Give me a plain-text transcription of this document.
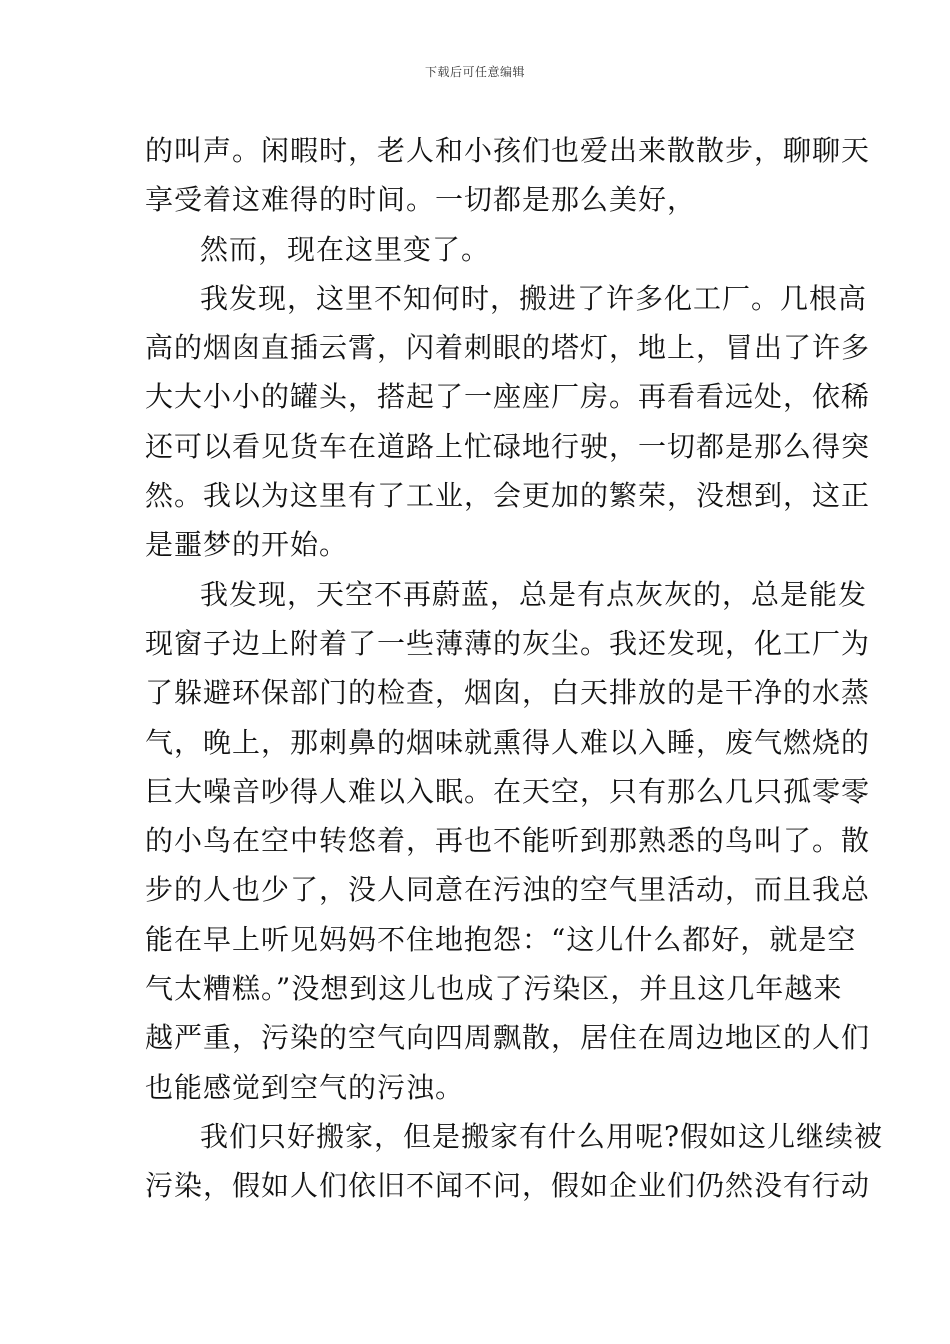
下载后可任意编辑
的叫声。闲暇时，老人和小孩们也爱出来散散步，聊聊天
享受着这难得的时间。一切都是那么美好，
然而，现在这里变了。
我发现，这里不知何时，搬进了许多化工厂。几根高
高的烟囱直插云霄，闪着刺眼的塔灯，地上，冒出了许多
大大小小的罐头，搭起了一座座厂房。再看看远处，依稀
还可以看见货车在道路上忙碌地行驶，一切都是那么得突
然。我以为这里有了工业，会更加的繁荣，没想到，这正
是噩梦的开始。
我发现，天空不再蔚蓝，总是有点灰灰的，总是能发
现窗子边上附着了一些薄薄的灰尘。我还发现，化工厂为
了躲避环保部门的检查，烟囱，白天排放的是干净的水蒸
气，晚上，那刺鼻的烟味就熏得人难以入睡，废气燃烧的
巨大噪音吵得人难以入眠。在天空，只有那么几只孤零零
的小鸟在空中转悠着，再也不能听到那熟悉的鸟叫了。散
步的人也少了，没人同意在污浊的空气里活动，而且我总
能在早上听见妈妈不住地抱怨：“这儿什么都好，就是空
气太糟糕。”没想到这儿也成了污染区，并且这几年越来
越严重，污染的空气向四周飘散，居住在周边地区的人们
也能感觉到空气的污浊。
我们只好搬家，但是搬家有什么用呢?假如这儿继续被
污染，假如人们依旧不闻不问，假如企业们仍然没有行动
